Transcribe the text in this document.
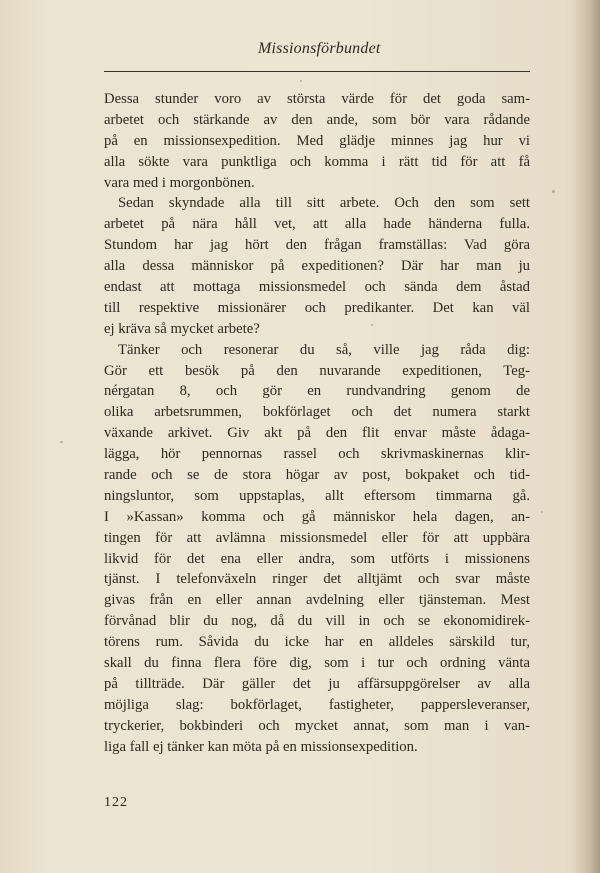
Missionsförbundet
Dessa stunder voro av största värde för det goda sam-
arbetet och stärkande av den ande, som bör vara rådande
på en missionsexpedition. Med glädje minnes jag hur vi
alla sökte vara punktliga och komma i rätt tid för att få
vara med i morgonbönen.
Sedan skyndade alla till sitt arbete. Och den som sett
arbetet på nära håll vet, att alla hade händerna fulla.
Stundom har jag hört den frågan framställas: Vad göra
alla dessa människor på expeditionen? Där har man ju
endast att mottaga missionsmedel och sända dem åstad
till respektive missionärer och predikanter. Det kan väl
ej kräva så mycket arbete?
Tänker och resonerar du så, ville jag råda dig:
Gör ett besök på den nuvarande expeditionen, Teg-
nérgatan 8, och gör en rundvandring genom de
olika arbetsrummen, bokförlaget och det numera starkt
växande arkivet. Giv akt på den flit envar måste ådaga-
lägga, hör pennornas rassel och skrivmaskinernas klir-
rande och se de stora högar av post, bokpaket och tid-
ningsluntor, som uppstaplas, allt eftersom timmarna gå.
I »Kassan» komma och gå människor hela dagen, an-
tingen för att avlämna missionsmedel eller för att uppbära
likvid för det ena eller andra, som utförts i missionens
tjänst. I telefonväxeln ringer det alltjämt och svar måste
givas från en eller annan avdelning eller tjänsteman. Mest
förvånad blir du nog, då du vill in och se ekonomidirek-
törens rum. Såvida du icke har en alldeles särskild tur,
skall du finna flera före dig, som i tur och ordning vänta
på tillträde. Där gäller det ju affärsuppgörelser av alla
möjliga slag: bokförlaget, fastigheter, pappersleveranser,
tryckerier, bokbinderi och mycket annat, som man i van-
liga fall ej tänker kan möta på en missionsexpedition.
122
